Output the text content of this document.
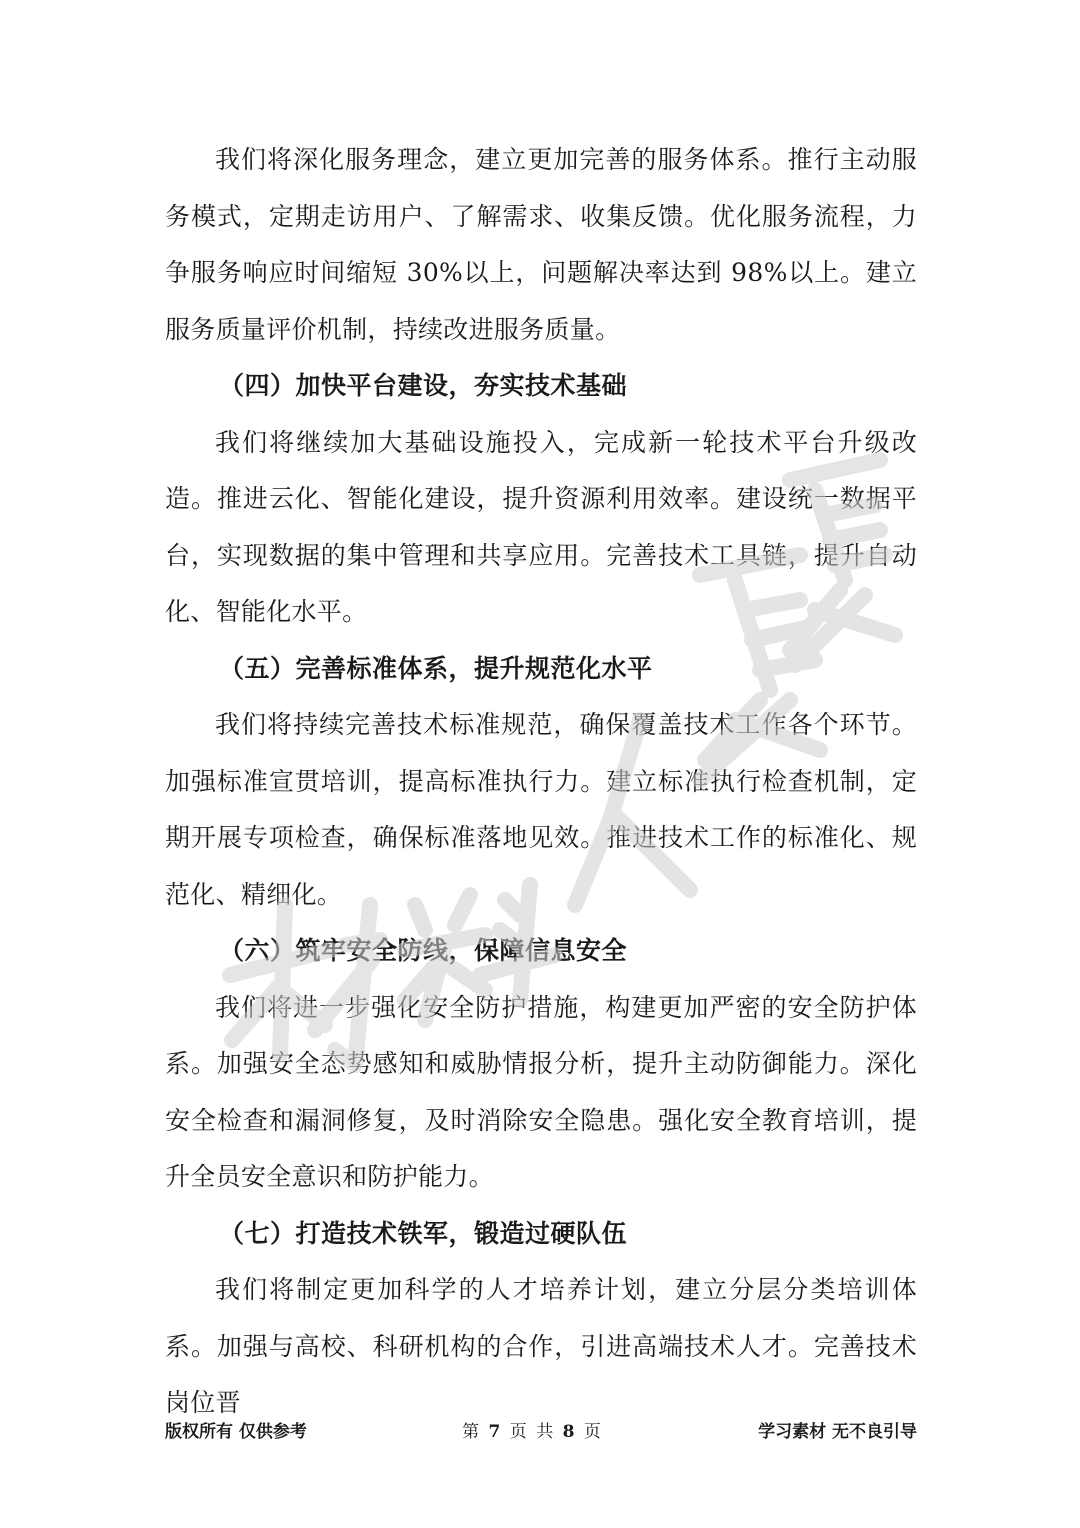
我们将深化服务理念，建立更加完善的服务体系。推行主动服务模式，定期走访用户、了解需求、收集反馈。优化服务流程，力争服务响应时间缩短 30%以上，问题解决率达到 98%以上。建立服务质量评价机制，持续改进服务质量。

（四）加快平台建设，夯实技术基础

我们将继续加大基础设施投入，完成新一轮技术平台升级改造。推进云化、智能化建设，提升资源利用效率。建设统一数据平台，实现数据的集中管理和共享应用。完善技术工具链，提升自动化、智能化水平。

（五）完善标准体系，提升规范化水平

我们将持续完善技术标准规范，确保覆盖技术工作各个环节。加强标准宣贯培训，提高标准执行力。建立标准执行检查机制，定期开展专项检查，确保标准落地见效。推进技术工作的标准化、规范化、精细化。

（六）筑牢安全防线，保障信息安全

我们将进一步强化安全防护措施，构建更加严密的安全防护体系。加强安全态势感知和威胁情报分析，提升主动防御能力。深化安全检查和漏洞修复，及时消除安全隐患。强化安全教育培训，提升全员安全意识和防护能力。

（七）打造技术铁军，锻造过硬队伍

我们将制定更加科学的人才培养计划，建立分层分类培训体系。加强与高校、科研机构的合作，引进高端技术人才。完善技术岗位晋

版权所有 仅供参考	第 7 页 共 8 页	学习素材 无不良引导
